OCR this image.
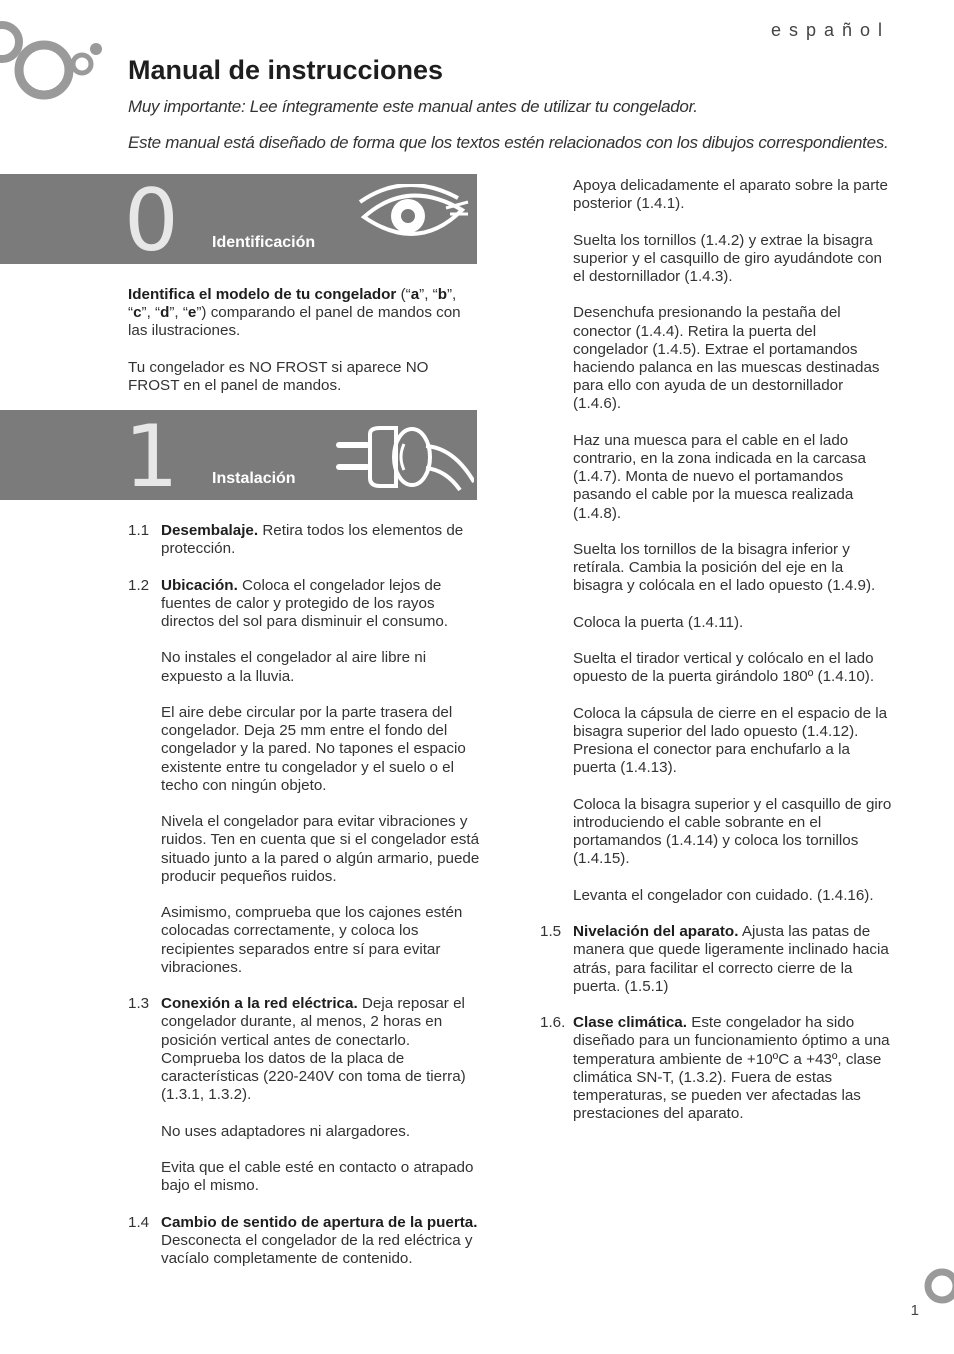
español
Manual de instrucciones
Muy importante: Lee íntegramente este manual antes de utilizar tu congelador.
Este manual está diseñado de forma que los textos estén relacionados con los dibujos correspondientes.
0 Identificación

Identifica el modelo de tu congelador (“a”, “b”, “c”, “d”, “e”) comparando el panel de mandos con las ilustraciones.

Tu congelador es NO FROST si aparece NO FROST en el panel de mandos.

1 Instalación
1.1 Desembalaje. Retira todos los elementos de protección.

1.2 Ubicación. Coloca el congelador lejos de fuentes de calor y protegido de los rayos directos del sol para disminuir el consumo.

No instales el congelador al aire libre ni expuesto a la lluvia.

El aire debe circular por la parte trasera del congelador. Deja 25 mm entre el fondo del congelador y la pared. No tapones el espacio existente entre tu congelador y el suelo o el techo con ningún objeto.

Nivela el congelador para evitar vibraciones y ruidos. Ten en cuenta que si el congelador está situado junto a la pared o algún armario, puede producir pequeños ruidos.

Asimismo, comprueba que los cajones estén colocadas correctamente, y coloca los recipientes separados entre sí para evitar vibraciones.

1.3 Conexión a la red eléctrica. Deja reposar el congelador durante, al menos, 2 horas en posición vertical antes de conectarlo. Comprueba los datos de la placa de características (220-240V con toma de tierra) (1.3.1, 1.3.2).

No uses adaptadores ni alargadores.

Evita que el cable esté en contacto o atrapado bajo el mismo.

1.4 Cambio de sentido de apertura de la puerta. Desconecta el congelador de la red eléctrica y vacíalo completamente de contenido.

Apoya delicadamente el aparato sobre la parte posterior (1.4.1).

Suelta los tornillos (1.4.2) y extrae la bisagra superior y el casquillo de giro ayudándote con el destornillador (1.4.3).

Desenchufa presionando la pestaña del conector (1.4.4). Retira la puerta del congelador (1.4.5). Extrae el portamandos haciendo palanca en las muescas destinadas para ello con ayuda de un destornillador (1.4.6).

Haz una muesca para el cable en el lado contrario, en la zona indicada en la carcasa (1.4.7). Monta de nuevo el portamandos pasando el cable por la muesca realizada (1.4.8).

Suelta los tornillos de la bisagra inferior y retírala. Cambia la posición del eje en la bisagra y colócala en el lado opuesto (1.4.9).

Coloca la puerta (1.4.11).

Suelta el tirador vertical y colócalo en el lado opuesto de la puerta girándolo 180º (1.4.10).

Coloca la cápsula de cierre en el espacio de la bisagra superior del lado opuesto (1.4.12). Presiona el conector para enchufarlo a la puerta (1.4.13).

Coloca la bisagra superior y el casquillo de giro introduciendo el cable sobrante en el portamandos (1.4.14) y coloca los tornillos (1.4.15).

Levanta el congelador con cuidado. (1.4.16).

1.5 Nivelación del aparato. Ajusta las patas de manera que quede ligeramente inclinado hacia atrás, para facilitar el correcto cierre de la puerta. (1.5.1)

1.6. Clase climática. Este congelador ha sido diseñado para un funcionamiento óptimo a una temperatura ambiente de +10ºC a +43º, clase climática SN-T, (1.3.2). Fuera de estas temperaturas, se pueden ver afectadas las prestaciones del aparato.

1
